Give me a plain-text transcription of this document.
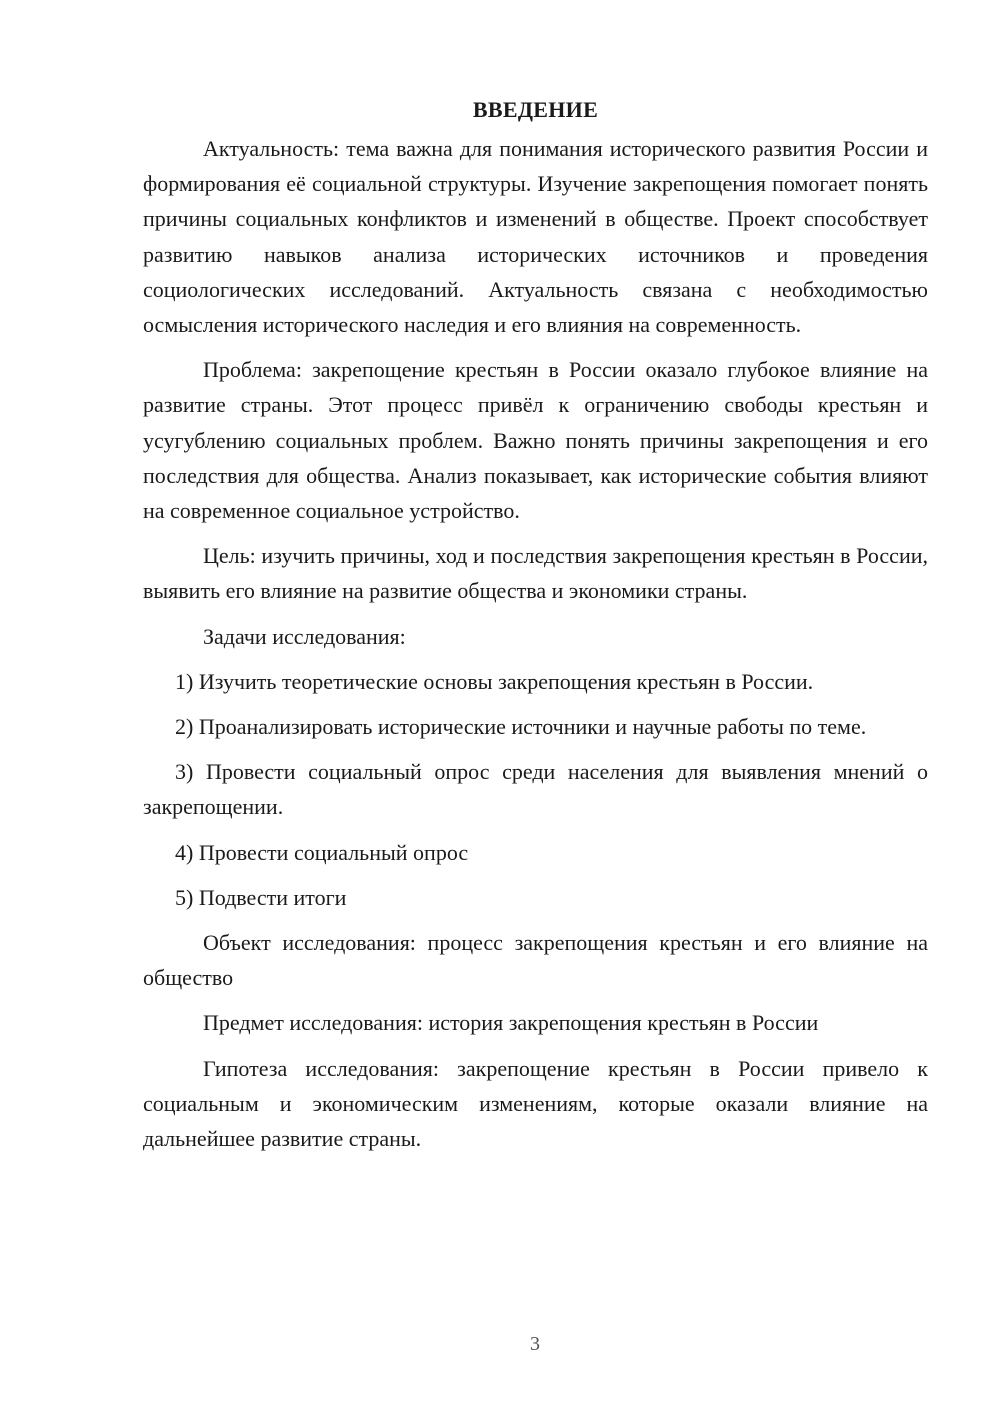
ВВЕДЕНИЕ

Актуальность: тема важна для понимания исторического развития России и формирования её социальной структуры. Изучение закрепощения помогает понять причины социальных конфликтов и изменений в обществе. Проект способствует развитию навыков анализа исторических источников и проведения социологических исследований. Актуальность связана с необходимостью осмысления исторического наследия и его влияния на современность.

Проблема: закрепощение крестьян в России оказало глубокое влияние на развитие страны. Этот процесс привёл к ограничению свободы крестьян и усугублению социальных проблем. Важно понять причины закрепощения и его последствия для общества. Анализ показывает, как исторические события влияют на современное социальное устройство.

Цель: изучить причины, ход и последствия закрепощения крестьян в России, выявить его влияние на развитие общества и экономики страны.

Задачи исследования:

1) Изучить теоретические основы закрепощения крестьян в России.

2) Проанализировать исторические источники и научные работы по теме.

3) Провести социальный опрос среди населения для выявления мнений о закрепощении.

4) Провести социальный опрос

5) Подвести итоги

Объект исследования: процесс закрепощения крестьян и его влияние на общество

Предмет исследования: история закрепощения крестьян в России

Гипотеза исследования: закрепощение крестьян в России привело к социальным и экономическим изменениям, которые оказали влияние на дальнейшее развитие страны.

3
